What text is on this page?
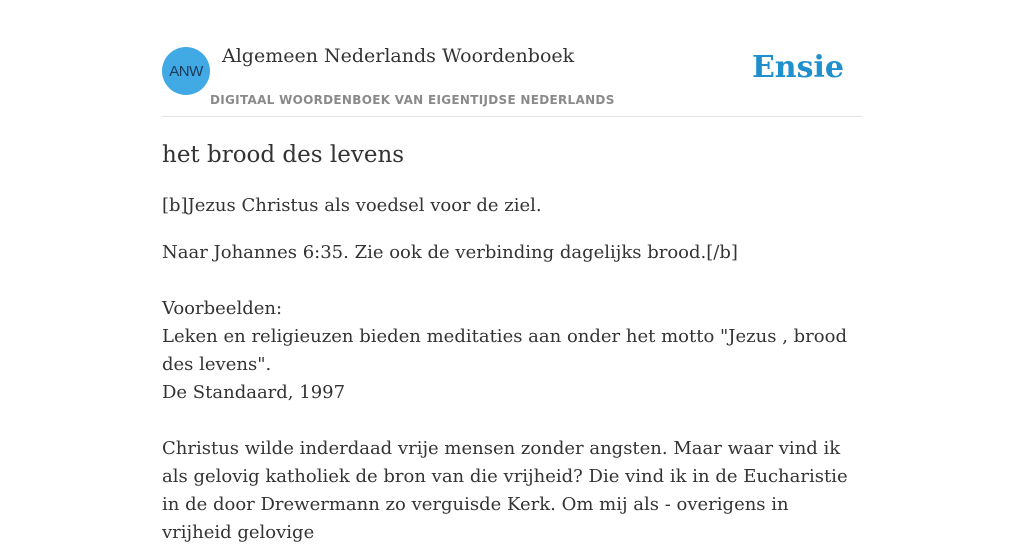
ANW
Algemeen Nederlands Woordenboek
DIGITAAL WOORDENBOEK VAN EIGENTIJDSE NEDERLANDS
Ensie
het brood des levens

[b]Jezus Christus als voedsel voor de ziel.

Naar Johannes 6:35. Zie ook de verbinding dagelijks brood.[/b]

Voorbeelden:

Leken en religieuzen bieden meditaties aan onder het motto "Jezus , brood des levens".

De Standaard, 1997

Christus wilde inderdaad vrije mensen zonder angsten. Maar waar vind ik als gelovig katholiek de bron van die vrijheid? Die vind ik in de Eucharistie in de door Drewermann zo verguisde Kerk. Om mij als - overigens in vrijheid gelovige
